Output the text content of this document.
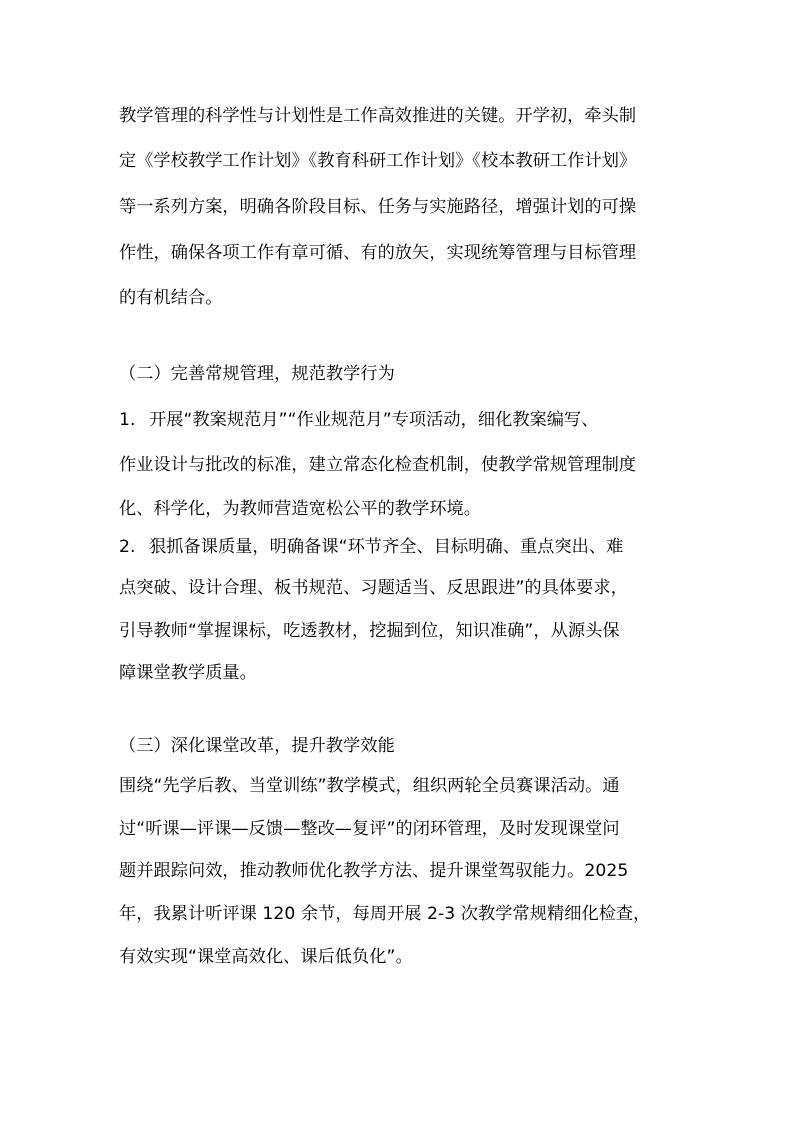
教学管理的科学性与计划性是工作高效推进的关键。开学初，牵头制
定《学校教学工作计划》《教育科研工作计划》《校本教研工作计划》
等一系列方案，明确各阶段目标、任务与实施路径，增强计划的可操
作性，确保各项工作有章可循、有的放矢，实现统筹管理与目标管理
的有机结合。
（二）完善常规管理，规范教学行为
1. 开展“教案规范月”“作业规范月”专项活动，细化教案编写、
作业设计与批改的标准，建立常态化检查机制，使教学常规管理制度
化、科学化，为教师营造宽松公平的教学环境。
2. 狠抓备课质量，明确备课“环节齐全、目标明确、重点突出、难
点突破、设计合理、板书规范、习题适当、反思跟进”的具体要求，
引导教师“掌握课标，吃透教材，挖掘到位，知识准确”，从源头保
障课堂教学质量。
（三）深化课堂改革，提升教学效能
围绕“先学后教、当堂训练”教学模式，组织两轮全员赛课活动。通
过“听课—评课—反馈—整改—复评”的闭环管理，及时发现课堂问
题并跟踪问效，推动教师优化教学方法、提升课堂驾驭能力。2025
年，我累计听评课 120 余节，每周开展 2-3 次教学常规精细化检查，
有效实现“课堂高效化、课后低负化”。
